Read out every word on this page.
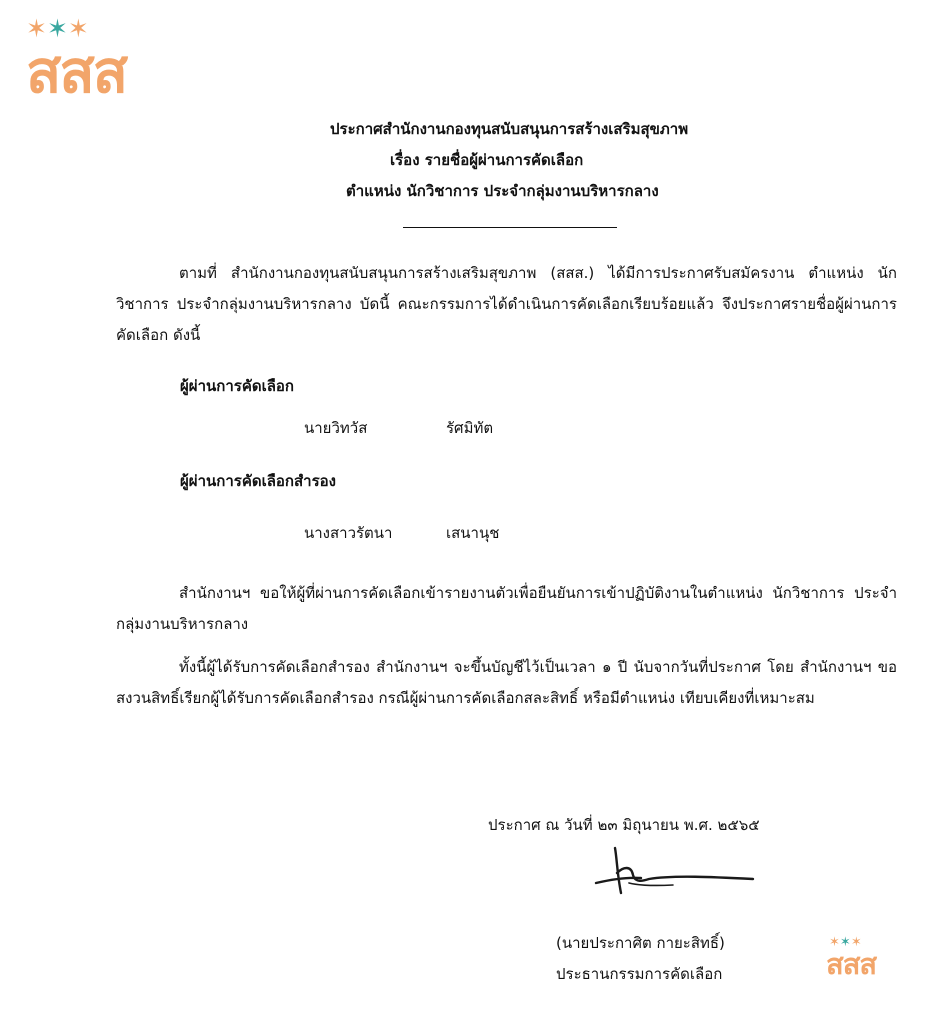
✶✶✶
สสส
ประกาศสำนักงานกองทุนสนับสนุนการสร้างเสริมสุขภาพ
เรื่อง รายชื่อผู้ผ่านการคัดเลือก
ตำแหน่ง นักวิชาการ ประจำกลุ่มงานบริหารกลาง
ตามที่ สำนักงานกองทุนสนับสนุนการสร้างเสริมสุขภาพ (สสส.) ได้มีการประกาศรับสมัครงาน ตำแหน่ง นักวิชาการ ประจำกลุ่มงานบริหารกลาง บัดนี้ คณะกรรมการได้ดำเนินการคัดเลือกเรียบร้อยแล้ว จึงประกาศรายชื่อผู้ผ่านการคัดเลือก ดังนี้
ผู้ผ่านการคัดเลือก
นายวิทวัส	รัศมิทัต
ผู้ผ่านการคัดเลือกสำรอง
นางสาวรัตนา	เสนานุช
สำนักงานฯ ขอให้ผู้ที่ผ่านการคัดเลือกเข้ารายงานตัวเพื่อยืนยันการเข้าปฏิบัติงานในตำแหน่ง นักวิชาการ ประจำกลุ่มงานบริหารกลาง
ทั้งนี้ผู้ได้รับการคัดเลือกสำรอง สำนักงานฯ จะขึ้นบัญชีไว้เป็นเวลา ๑ ปี นับจากวันที่ประกาศ โดย สำนักงานฯ ขอสงวนสิทธิ์เรียกผู้ได้รับการคัดเลือกสำรอง กรณีผู้ผ่านการคัดเลือกสละสิทธิ์ หรือมีตำแหน่ง เทียบเคียงที่เหมาะสม
ประกาศ ณ วันที่ ๒๓ มิถุนายน พ.ศ. ๒๕๖๕
(นายประกาศิต กายะสิทธิ์)
ประธานกรรมการคัดเลือก
✶✶✶
สสส
